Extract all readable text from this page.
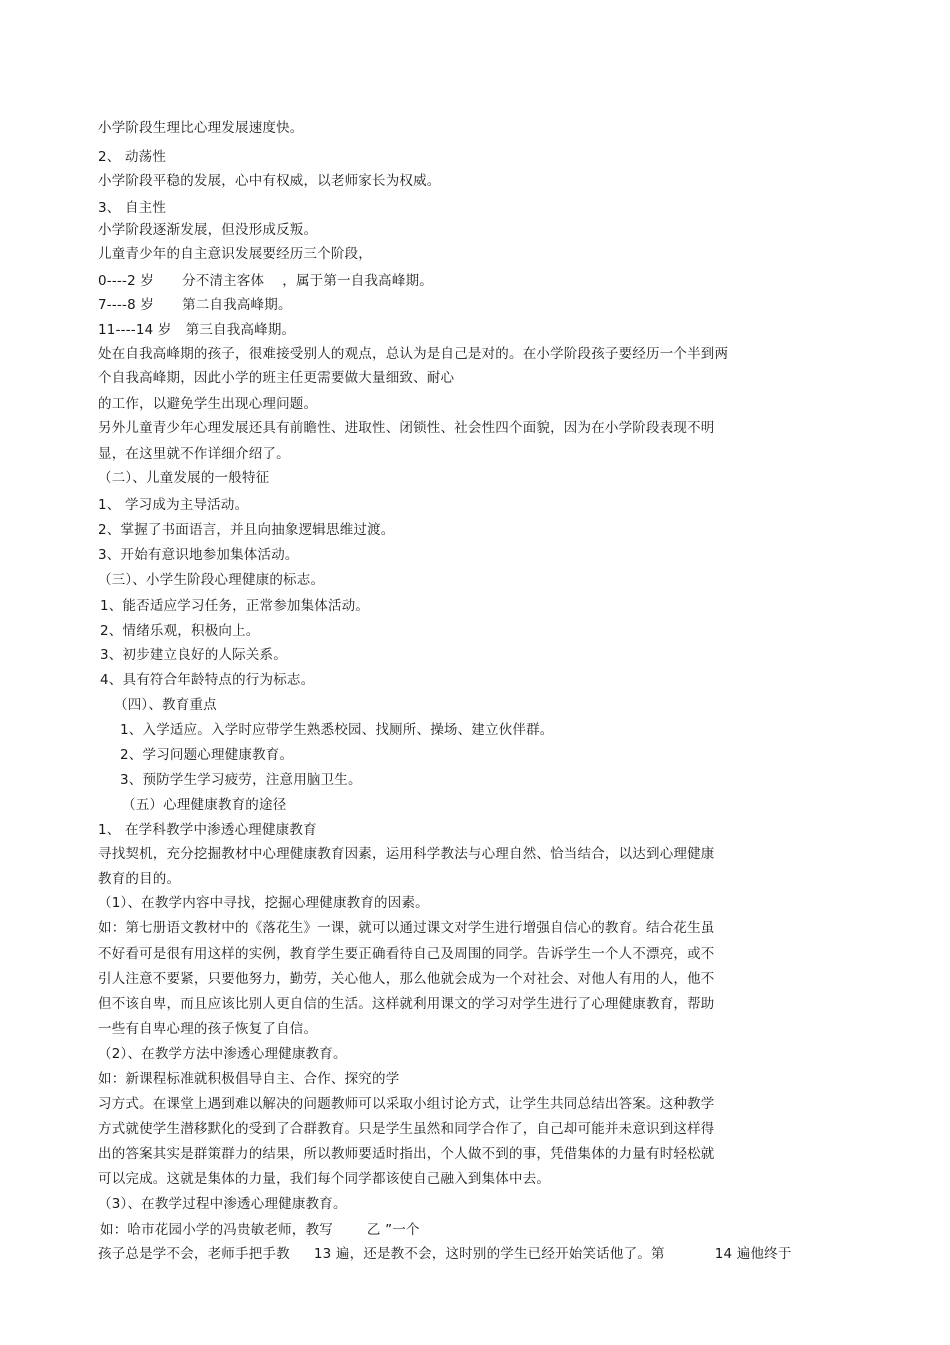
小学阶段生理比心理发展速度快。
2、 动荡性
小学阶段平稳的发展，心中有权威，以老师家长为权威。
3、 自主性
小学阶段逐渐发展，但没形成反叛。
儿童青少年的自主意识发展要经历三个阶段，
0----2 岁 分不清主客体 ，属于第一自我高峰期。
7----8 岁 第二自我高峰期。
11----14 岁 第三自我高峰期。
处在自我高峰期的孩子，很难接受别人的观点，总认为是自己是对的。在小学阶段孩子要经历一个半到两
个自我高峰期，因此小学的班主任更需要做大量细致、耐心
的工作，以避免学生出现心理问题。
另外儿童青少年心理发展还具有前瞻性、进取性、闭锁性、社会性四个面貌，因为在小学阶段表现不明
显，在这里就不作详细介绍了。
（二）、儿童发展的一般特征
1、 学习成为主导活动。
2、掌握了书面语言，并且向抽象逻辑思维过渡。
3、开始有意识地参加集体活动。
（三）、小学生阶段心理健康的标志。
1、能否适应学习任务，正常参加集体活动。
2、情绪乐观，积极向上。
3、初步建立良好的人际关系。
4、具有符合年龄特点的行为标志。
（四）、教育重点
1、入学适应。入学时应带学生熟悉校园、找厕所、操场、建立伙伴群。
2、学习问题心理健康教育。
3、预防学生学习疲劳，注意用脑卫生。
（五）心理健康教育的途径
1、 在学科教学中渗透心理健康教育
寻找契机，充分挖掘教材中心理健康教育因素，运用科学教法与心理自然、恰当结合，以达到心理健康
教育的目的。
（1）、在教学内容中寻找，挖掘心理健康教育的因素。
如：第七册语文教材中的《落花生》一课，就可以通过课文对学生进行增强自信心的教育。结合花生虽
不好看可是很有用这样的实例，教育学生要正确看待自己及周围的同学。告诉学生一个人不漂亮，或不
引人注意不要紧，只要他努力，勤劳，关心他人，那么他就会成为一个对社会、对他人有用的人，他不
但不该自卑，而且应该比别人更自信的生活。这样就利用课文的学习对学生进行了心理健康教育，帮助
一些有自卑心理的孩子恢复了自信。
（2）、在教学方法中渗透心理健康教育。
如：新课程标准就积极倡导自主、合作、探究的学
习方式。在课堂上遇到难以解决的问题教师可以采取小组讨论方式，让学生共同总结出答案。这种教学
方式就使学生潜移默化的受到了合群教育。只是学生虽然和同学合作了，自己却可能并未意识到这样得
出的答案其实是群策群力的结果，所以教师要适时指出，个人做不到的事，凭借集体的力量有时轻松就
可以完成。这就是集体的力量，我们每个同学都该使自己融入到集体中去。
（3）、在教学过程中渗透心理健康教育。
如：哈市花园小学的冯贵敏老师，教写	乙 ”一个
孩子总是学不会，老师手把手教 13 遍，还是教不会，这时别的学生已经开始笑话他了。第	14 遍他终于
